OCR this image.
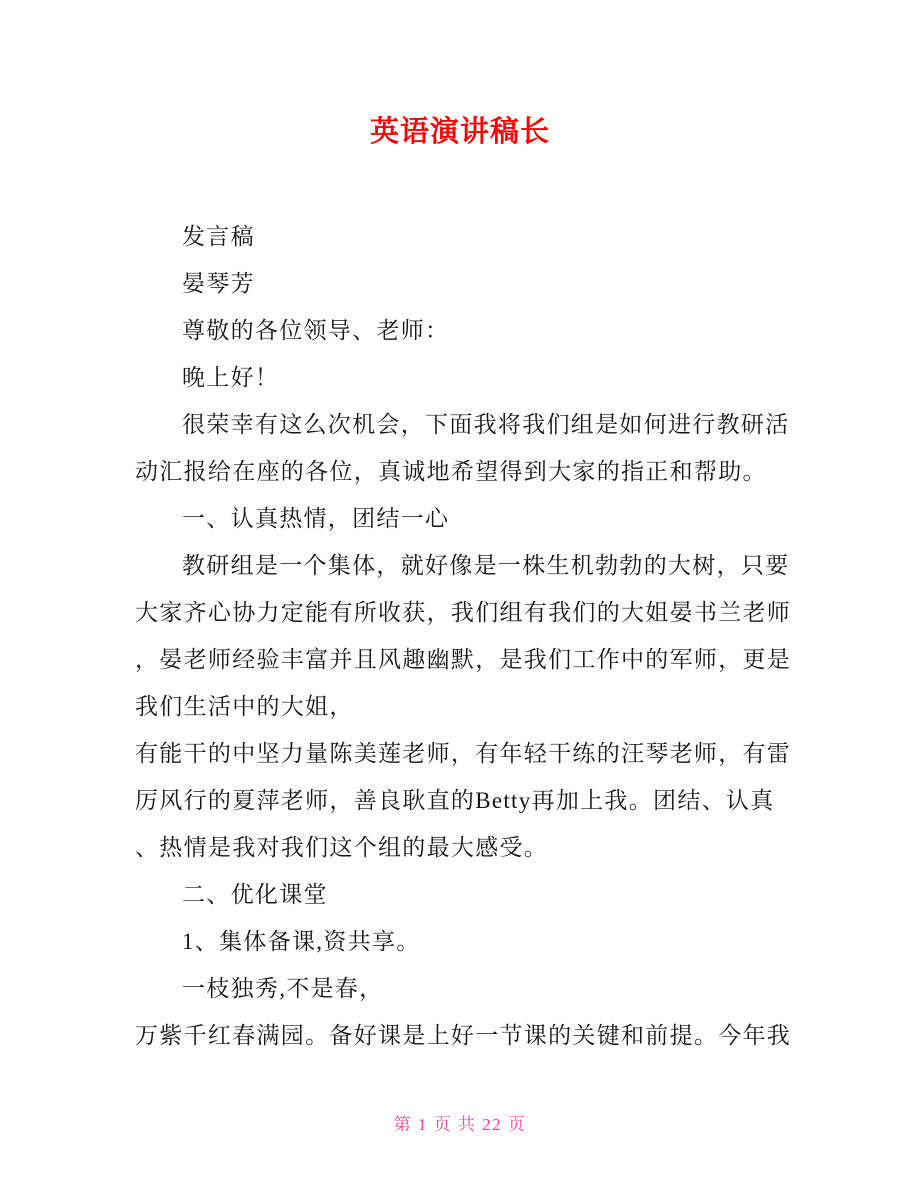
英语演讲稿长
发言稿
晏琴芳
尊敬的各位领导、老师：
晚上好！
很荣幸有这么次机会，下面我将我们组是如何进行教研活
动汇报给在座的各位，真诚地希望得到大家的指正和帮助。
一、认真热情，团结一心
教研组是一个集体，就好像是一株生机勃勃的大树，只要
大家齐心协力定能有所收获，我们组有我们的大姐晏书兰老师
，晏老师经验丰富并且风趣幽默，是我们工作中的军师，更是
我们生活中的大姐，
有能干的中坚力量陈美莲老师，有年轻干练的汪琴老师，有雷
厉风行的夏萍老师，善良耿直的Betty再加上我。团结、认真
、热情是我对我们这个组的最大感受。
二、优化课堂
1、集体备课,资共享。
一枝独秀,不是春，
万紫千红春满园。备好课是上好一节课的关键和前提。今年我
第 1 页 共 22 页
